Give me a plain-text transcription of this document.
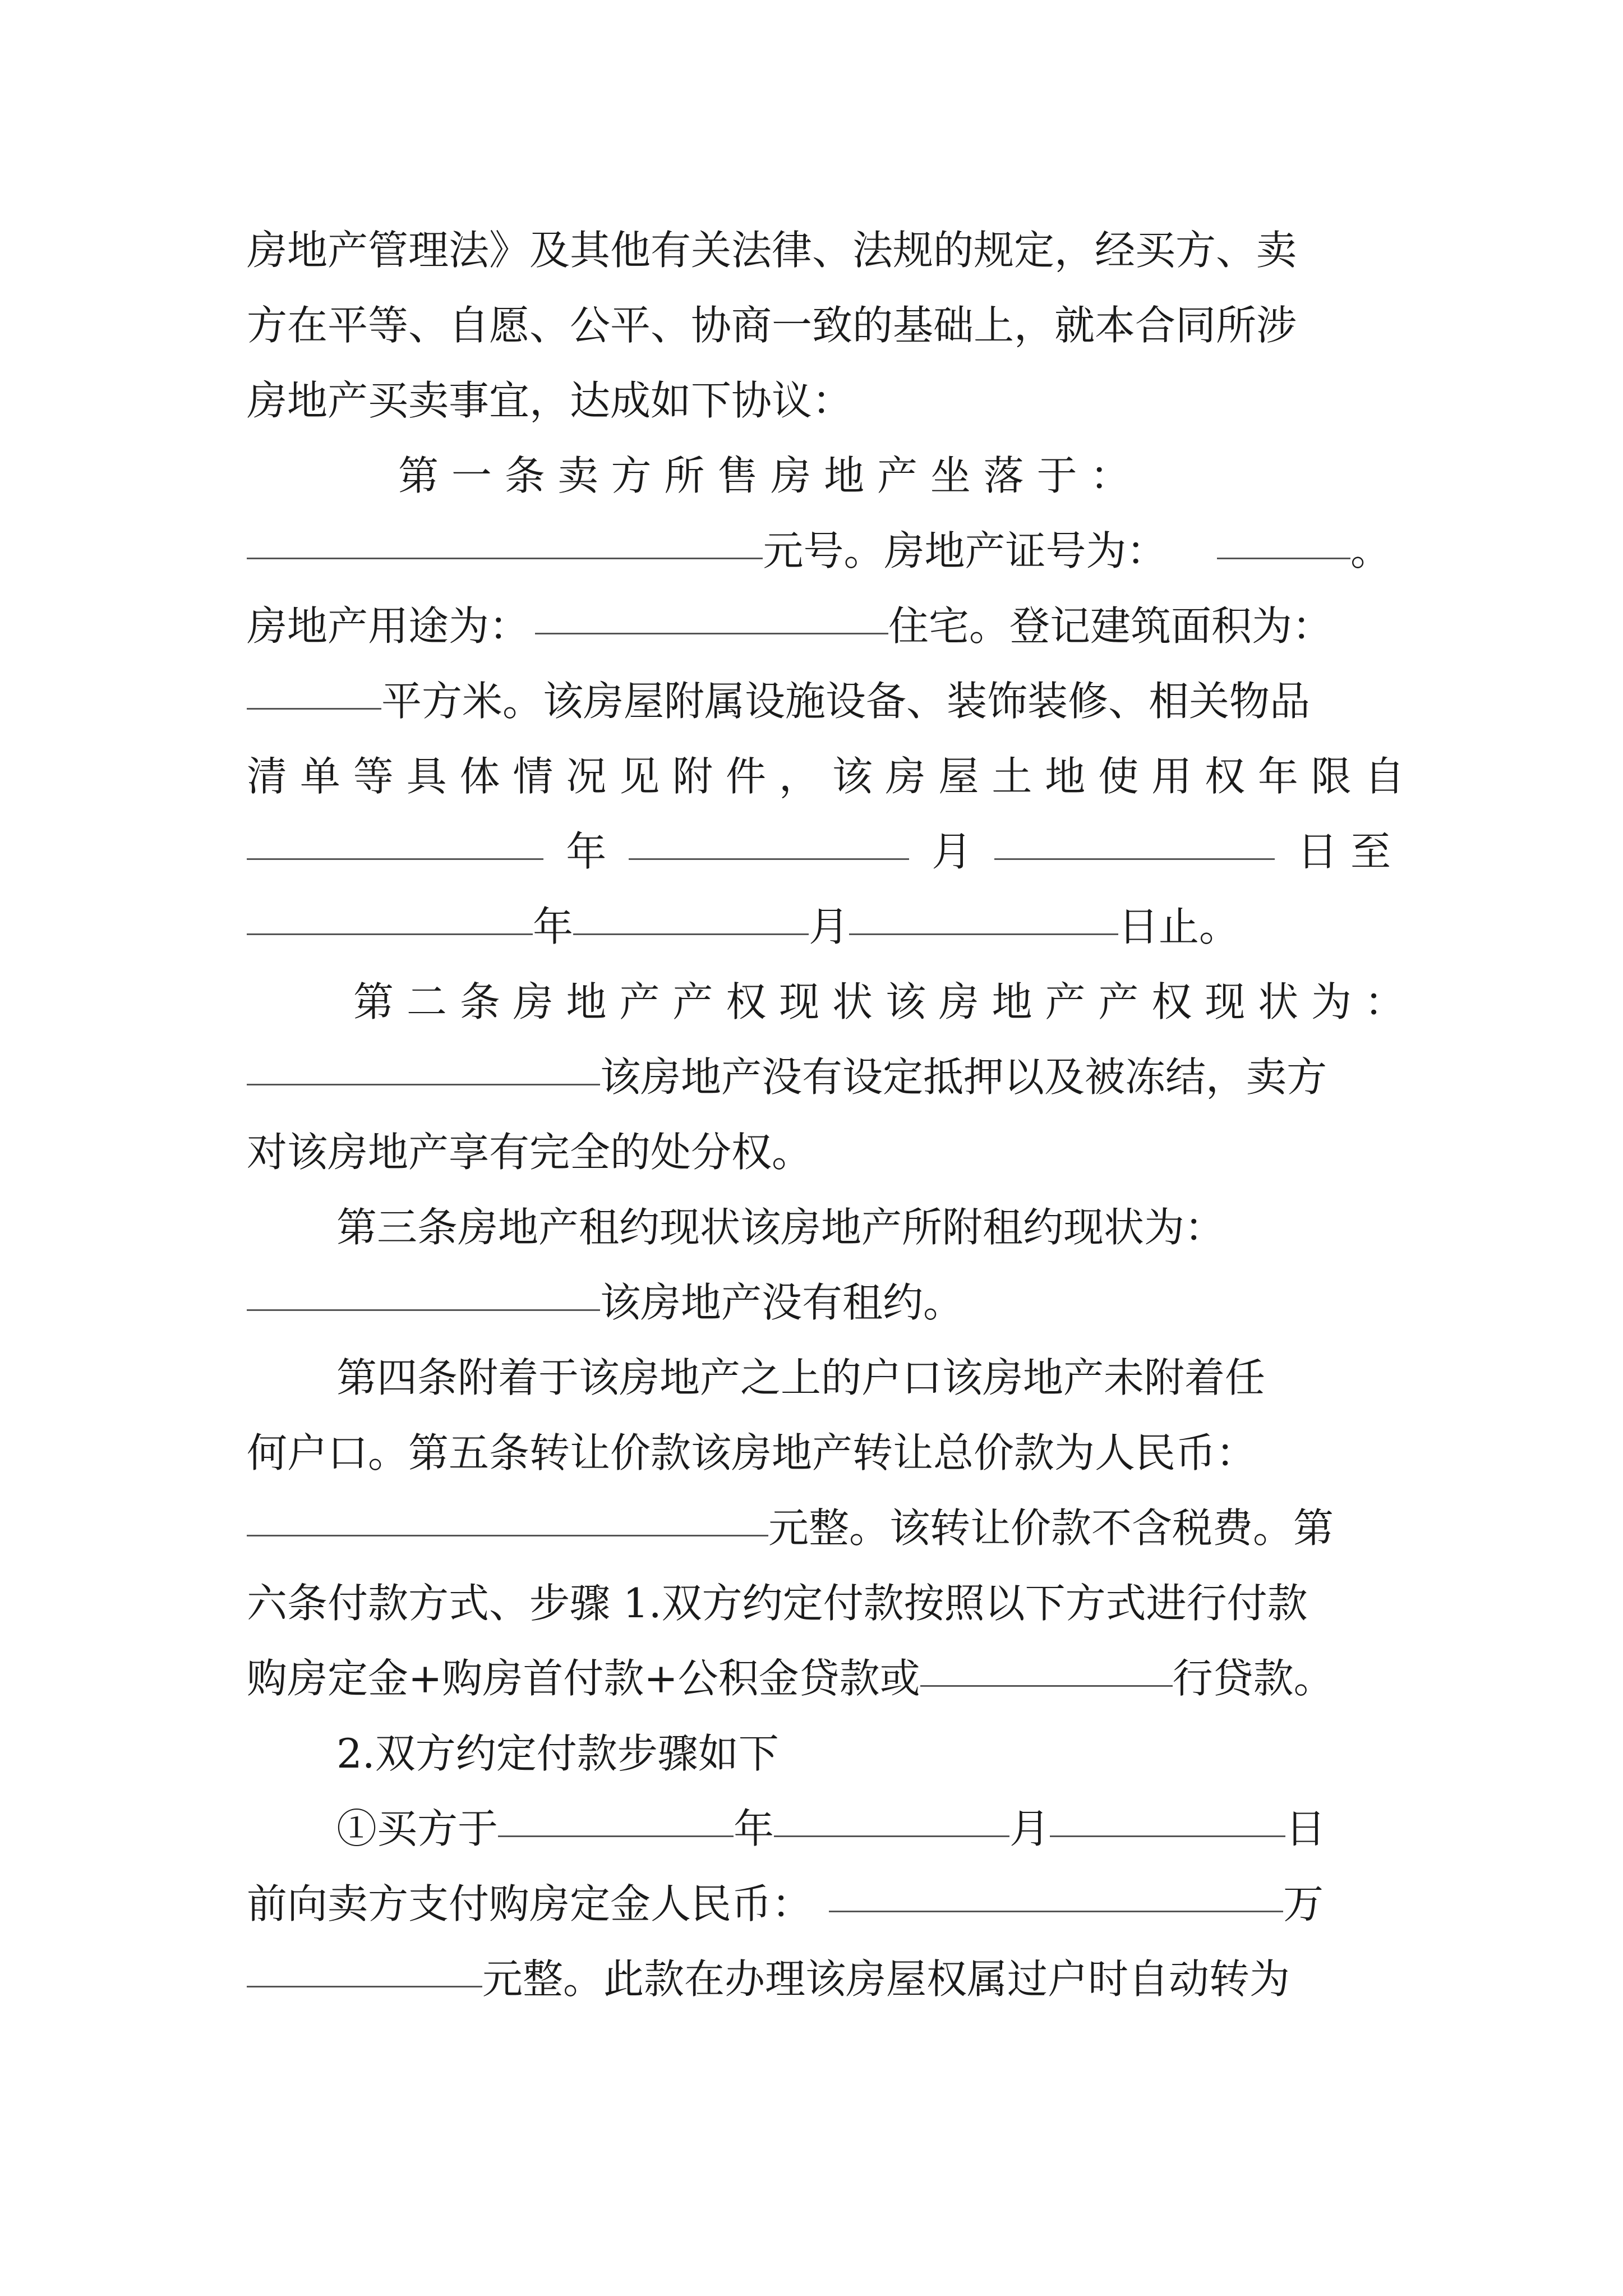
房地产管理法》及其他有关法律、法规的规定，经买方、卖
方在平等、自愿、公平、协商一致的基础上，就本合同所涉
房地产买卖事宜，达成如下协议：
第 一 条 卖 方 所 售 房 地 产 坐 落 于 ：
元号。房地产证号为：	。
房地产用途为：	住宅。登记建筑面积为：
平方米。该房屋附属设施设备、装饰装修、相关物品
清 单 等 具 体 情 况 见 附 件 ， 该 房 屋 土 地 使 用 权 年 限 自
年	月	日 至
年	月	日止。
第 二 条 房 地 产 产 权 现 状 该 房 地 产 产 权 现 状 为 ：
该房地产没有设定抵押以及被冻结，卖方
对该房地产享有完全的处分权。
第三条房地产租约现状该房地产所附租约现状为：
该房地产没有租约。
第四条附着于该房地产之上的户口该房地产未附着任
何户口。第五条转让价款该房地产转让总价款为人民币：
元整。该转让价款不含税费。第
六条付款方式、步骤 1.双方约定付款按照以下方式进行付款
购房定金+购房首付款+公积金贷款或	行贷款。
2.双方约定付款步骤如下
①买方于	年	月	日
前向卖方支付购房定金人民币：	万
元整。此款在办理该房屋权属过户时自动转为
